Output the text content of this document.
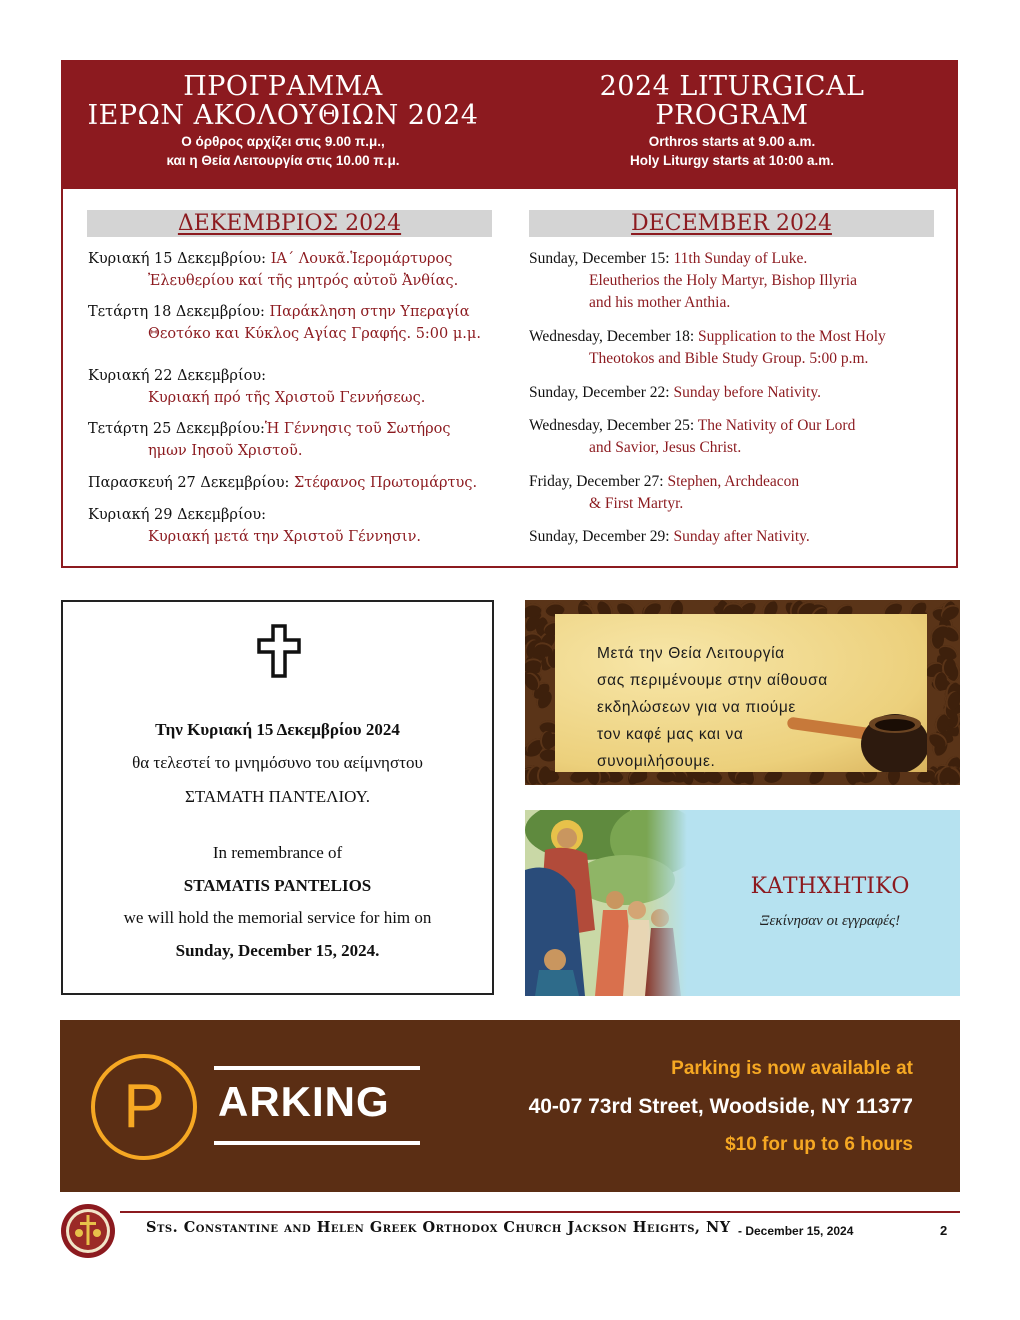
ΠΡΟΓΡΑΜΜΑ
ΙΕΡΩΝ ΑΚΟΛΟΥΘΙΩΝ 2024
Ο όρθρος αρχίζει στις 9.00 π.μ.,
και η Θεία Λειτουργία στις 10.00 π.μ.
2024 LITURGICAL
PROGRAM
Orthros starts at 9.00 a.m.
Holy Liturgy starts at 10:00 a.m.
ΔΕΚΕΜΒΡΙΟΣ 2024	DECEMBER 2024
Κυριακή 15 Δεκεμβρίου: ΙΑ΄ Λουκᾶ.Ἱερομάρτυρος
Ἐλευθερίου καί τῆς μητρός αὐτοῦ Ἀνθίας.
Τετάρτη 18 Δεκεμβρίου: Παράκληση στην Υπεραγία
Θεοτόκο και Κύκλος Αγίας Γραφής. 5:00 μ.μ.
Κυριακή 22 Δεκεμβρίου:
Κυριακή πρό τῆς Χριστοῦ Γεννήσεως.
Τετάρτη 25 Δεκεμβρίου:Ἡ Γέννησις τοῦ Σωτήρος
ημων Ιησοῦ Χριστοῦ.
Παρασκευή 27 Δεκεμβρίου: Στέφανος Πρωτομάρτυς.
Κυριακή 29 Δεκεμβρίου:
Κυριακή μετά την Χριστοῦ Γέννησιν.
Sunday, December 15: 11th Sunday of Luke.
Eleutherios the Holy Martyr, Bishop Illyria
and his mother Anthia.
Wednesday, December 18: Supplication to the Most Holy
Theotokos and Bible Study Group. 5:00 p.m.
Sunday, December 22: Sunday before Nativity.
Wednesday, December 25: The Nativity of Our Lord
and Savior, Jesus Christ.
Friday, December 27: Stephen, Archdeacon
& First Martyr.
Sunday, December 29: Sunday after Nativity.
Την Κυριακή 15 Δεκεμβρίου 2024
θα τελεστεί το μνημόσυνο του αείμνηστου
ΣΤΑΜΑΤΗ ΠΑΝΤΕΛΙΟΥ.
In remembrance of
STAMATIS PANTELIOS
we will hold the memorial service for him on
Sunday, December 15, 2024.
Μετά την Θεία Λειτουργία
σας περιμένουμε στην αίθουσα
εκδηλώσεων για να πιούμε
τον καφέ μας και να
συνομιλήσουμε.
ΚΑΤΗΧΗΤΙΚΟ
Ξεκίνησαν οι εγγραφές!
P	ARKING
Parking is now available at
40-07 73rd Street, Woodside, NY 11377
$10 for up to 6 hours
Sts. Constantine and Helen Greek Orthodox Church Jackson Heights, NY - December 15, 2024	2
